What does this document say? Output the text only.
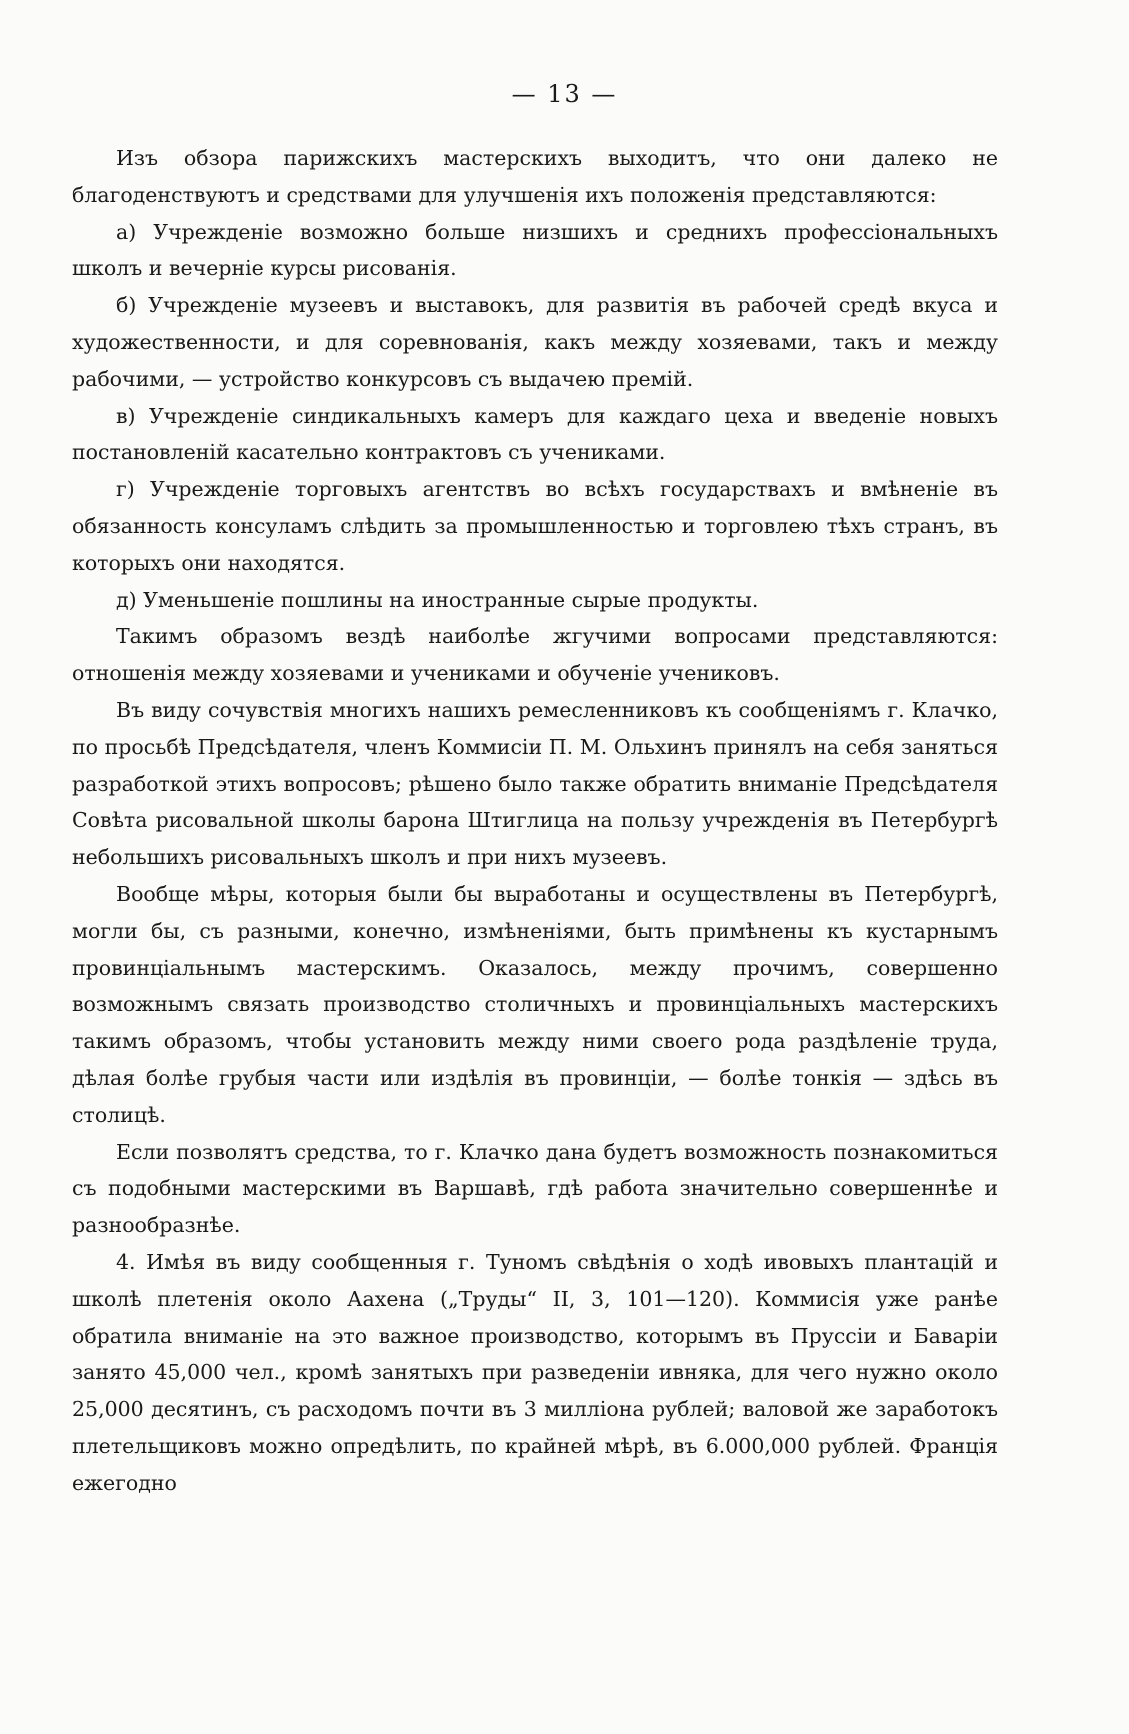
— 13 —

Изъ обзора парижскихъ мастерскихъ выходитъ, что они далеко не благоденствуютъ и средствами для улучшенія ихъ положенія представляются:

а) Учрежденіе возможно больше низшихъ и среднихъ профессіональныхъ школъ и вечерніе курсы рисованія.

б) Учрежденіе музеевъ и выставокъ, для развитія въ рабочей средѣ вкуса и художественности, и для соревнованія, какъ между хозяевами, такъ и между рабочими, — устройство конкурсовъ съ выдачею премій.

в) Учрежденіе синдикальныхъ камеръ для каждаго цеха и введеніе новыхъ постановленій касательно контрактовъ съ учениками.

г) Учрежденіе торговыхъ агентствъ во всѣхъ государствахъ и вмѣненіе въ обязанность консуламъ слѣдить за промышленностью и торговлею тѣхъ странъ, въ которыхъ они находятся.

д) Уменьшеніе пошлины на иностранные сырые продукты.

Такимъ образомъ вездѣ наиболѣе жгучими вопросами представляются: отношенія между хозяевами и учениками и обученіе учениковъ.

Въ виду сочувствія многихъ нашихъ ремесленниковъ къ сообщеніямъ г. Клачко, по просьбѣ Предсѣдателя, членъ Коммисіи П. М. Ольхинъ принялъ на себя заняться разработкой этихъ вопросовъ; рѣшено было также обратить вниманіе Предсѣдателя Совѣта рисовальной школы барона Штиглица на пользу учрежденія въ Петербургѣ небольшихъ рисовальныхъ школъ и при нихъ музеевъ.

Вообще мѣры, которыя были бы выработаны и осуществлены въ Петербургѣ, могли бы, съ разными, конечно, измѣненіями, быть примѣнены къ кустарнымъ провинціальнымъ мастерскимъ. Оказалось, между прочимъ, совершенно возможнымъ связать производство столичныхъ и провинціальныхъ мастерскихъ такимъ образомъ, чтобы установить между ними своего рода раздѣленіе труда, дѣлая болѣе грубыя части или издѣлія въ провинціи, — болѣе тонкія — здѣсь въ столицѣ.

Если позволятъ средства, то г. Клачко дана будетъ возможность познакомиться съ подобными мастерскими въ Варшавѣ, гдѣ работа значительно совершеннѣе и разнообразнѣе.

4. Имѣя въ виду сообщенныя г. Туномъ свѣдѣнія о ходѣ ивовыхъ плантацій и школѣ плетенія около Аахена („Труды“ II, 3, 101—120). Коммисія уже ранѣе обратила вниманіе на это важное производство, которымъ въ Пруссіи и Баваріи занято 45,000 чел., кромѣ занятыхъ при разведеніи ивняка, для чего нужно около 25,000 десятинъ, съ расходомъ почти въ 3 милліона рублей; валовой же заработокъ плетельщиковъ можно опредѣлить, по крайней мѣрѣ, въ 6.000,000 рублей. Франція ежегодно
